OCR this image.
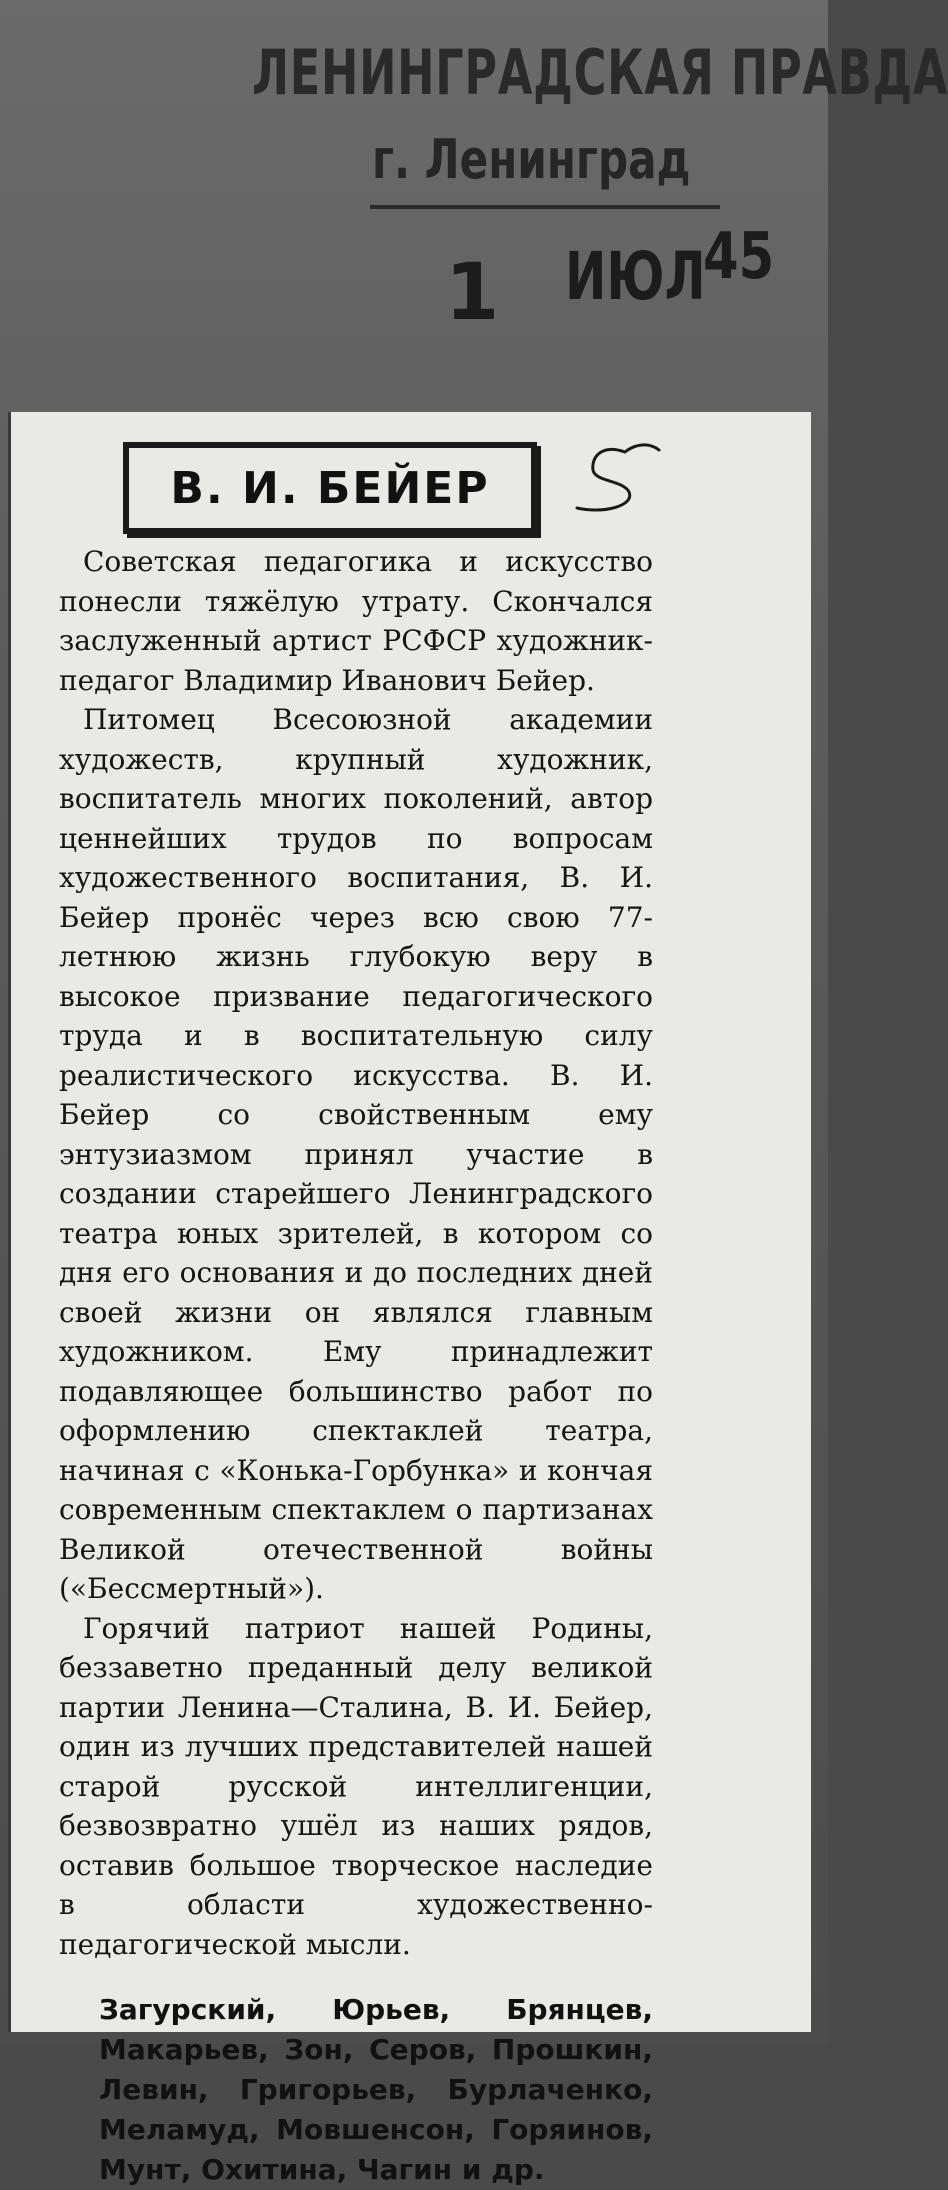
ЛЕНИНГРАДСКАЯ ПРАВДА
г. Ленинград
1 ИЮЛ
45
В. И. БЕЙЕР
5

Советская педагогика и искусство понесли тяжёлую утрату. Скончался заслуженный артист РСФСР художник-педагог Владимир Иванович Бейер.

Питомец Всесоюзной академии художеств, крупный художник, воспитатель многих поколений, автор ценнейших трудов по вопросам художественного воспитания, В. И. Бейер пронёс через всю свою 77-летнюю жизнь глубокую веру в высокое призвание педагогического труда и в воспитательную силу реалистического искусства. В. И. Бейер со свойственным ему энтузиазмом принял участие в создании старейшего Ленинградского театра юных зрителей, в котором со дня его основания и до последних дней своей жизни он являлся главным художником. Ему принадлежит подавляющее большинство работ по оформлению спектаклей театра, начиная с «Конька-Горбунка» и кончая современным спектаклем о партизанах Великой отечественной войны («Бессмертный»).

Горячий патриот нашей Родины, беззаветно преданный делу великой партии Ленина—Сталина, В. И. Бейер, один из лучших представителей нашей старой русской интеллигенции, безвозвратно ушёл из наших рядов, оставив большое творческое наследие в области художественно-педагогической мысли.

Загурский, Юрьев, Брянцев, Макарьев, Зон, Серов, Прошкин, Левин, Григорьев, Бурлаченко, Меламуд, Мовшенсон, Горяинов, Мунт, Охитина, Чагин и др.
